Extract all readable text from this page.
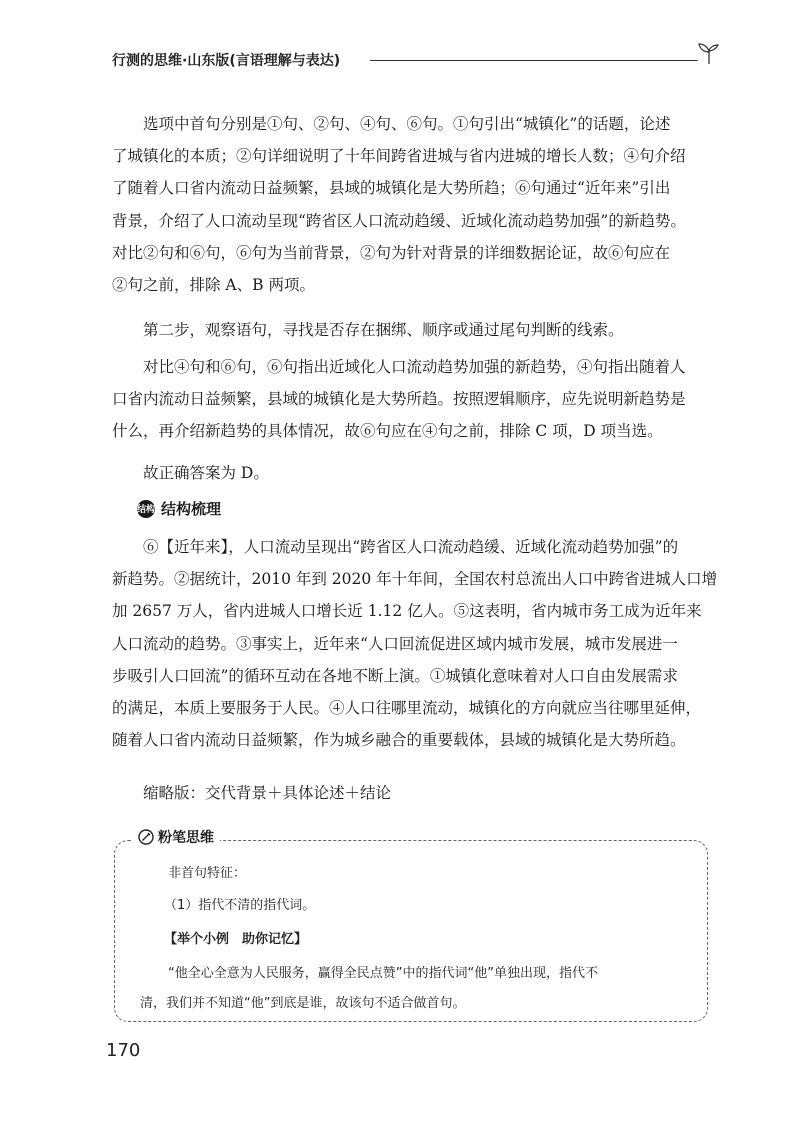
行测的思维·山东版(言语理解与表达)
选项中首句分别是①句、②句、④句、⑥句。①句引出“城镇化”的话题，论述
了城镇化的本质；②句详细说明了十年间跨省进城与省内进城的增长人数；④句介绍
了随着人口省内流动日益频繁，县域的城镇化是大势所趋；⑥句通过“近年来”引出
背景，介绍了人口流动呈现“跨省区人口流动趋缓、近域化流动趋势加强”的新趋势。
对比②句和⑥句，⑥句为当前背景，②句为针对背景的详细数据论证，故⑥句应在
②句之前，排除 A、B 两项。
第二步，观察语句，寻找是否存在捆绑、顺序或通过尾句判断的线索。
对比④句和⑥句，⑥句指出近域化人口流动趋势加强的新趋势，④句指出随着人
口省内流动日益频繁，县域的城镇化是大势所趋。按照逻辑顺序，应先说明新趋势是
什么，再介绍新趋势的具体情况，故⑥句应在④句之前，排除 C 项，D 项当选。
故正确答案为 D。
结构 结构梳理
⑥【近年来】，人口流动呈现出“跨省区人口流动趋缓、近域化流动趋势加强”的
新趋势。②据统计，2010 年到 2020 年十年间，全国农村总流出人口中跨省进城人口增
加 2657 万人，省内进城人口增长近 1.12 亿人。⑤这表明，省内城市务工成为近年来
人口流动的趋势。③事实上，近年来“人口回流促进区域内城市发展，城市发展进一
步吸引人口回流”的循环互动在各地不断上演。①城镇化意味着对人口自由发展需求
的满足，本质上要服务于人民。④人口往哪里流动，城镇化的方向就应当往哪里延伸，
随着人口省内流动日益频繁，作为城乡融合的重要载体，县域的城镇化是大势所趋。
缩略版：交代背景＋具体论述＋结论
粉笔思维
非首句特征：
（1）指代不清的指代词。
【举个小例　助你记忆】
“他全心全意为人民服务，赢得全民点赞”中的指代词“他”单独出现，指代不
清，我们并不知道“他”到底是谁，故该句不适合做首句。
170
